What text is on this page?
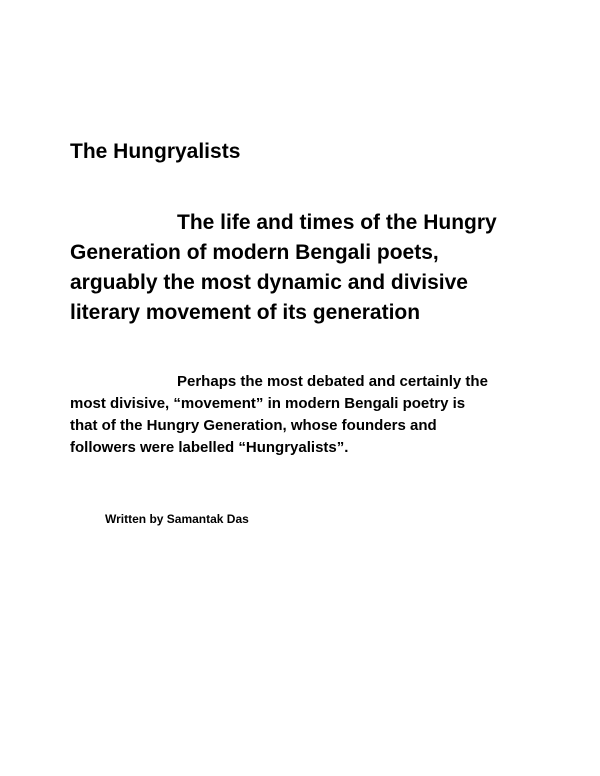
The Hungryalists
The life and times of the Hungry
Generation of modern Bengali poets,
arguably the most dynamic and divisive
literary movement of its generation
Perhaps the most debated and certainly the
most divisive, “movement” in modern Bengali poetry is
that of the Hungry Generation, whose founders and
followers were labelled “Hungryalists”.

Written by Samantak Das
